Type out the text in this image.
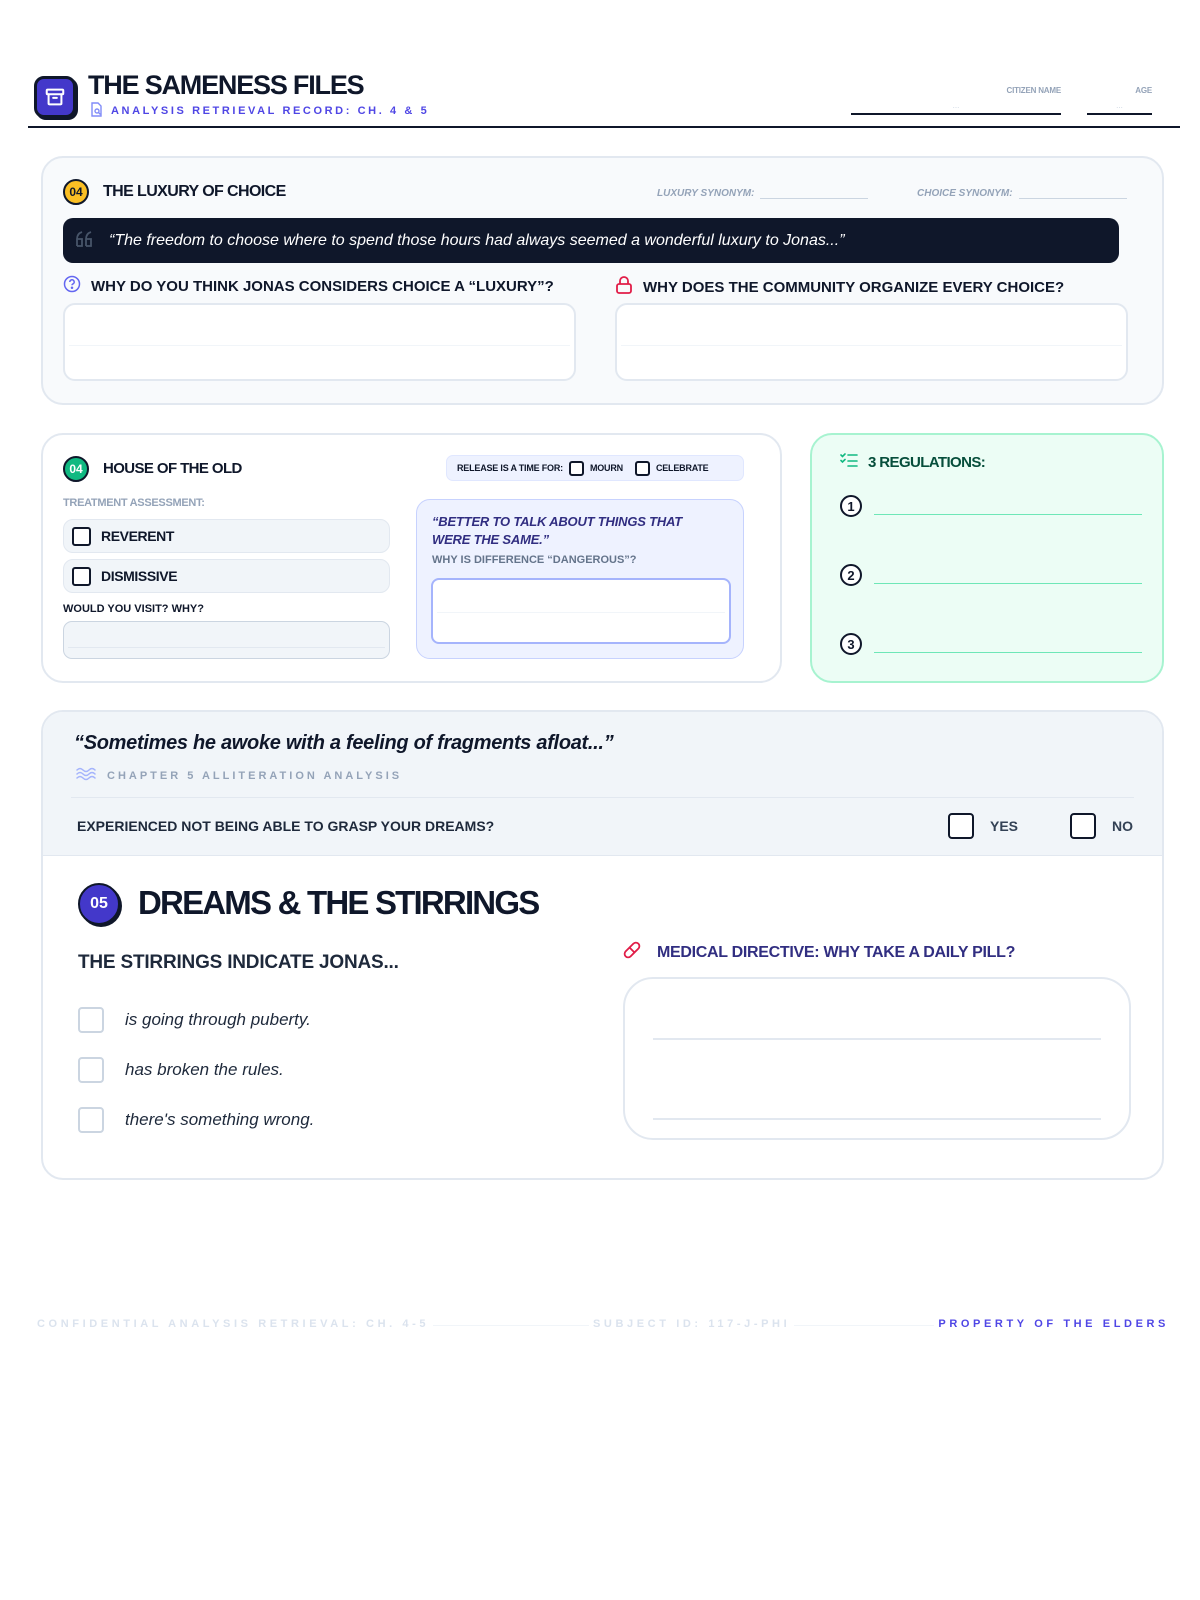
THE SAMENESS FILES
ANALYSIS RETRIEVAL RECORD: CH. 4 & 5
CITIZEN NAME
...
AGE
...
04	THE LUXURY OF CHOICE	LUXURY SYNONYM:	CHOICE SYNONYM:
“The freedom to choose where to spend those hours had always seemed a wonderful luxury to Jonas...”
WHY DO YOU THINK JONAS CONSIDERS CHOICE A “LUXURY”?	WHY DOES THE COMMUNITY ORGANIZE EVERY CHOICE?
04	HOUSE OF THE OLD	RELEASE IS A TIME FOR:	MOURN	CELEBRATE
TREATMENT ASSESSMENT:
REVERENT
DISMISSIVE
WOULD YOU VISIT? WHY?
“BETTER TO TALK ABOUT THINGS THAT WERE THE SAME.”
WHY IS DIFFERENCE “DANGEROUS”?
3 REGULATIONS:
1
2
3
“Sometimes he awoke with a feeling of fragments afloat...”
CHAPTER 5 ALLITERATION ANALYSIS
EXPERIENCED NOT BEING ABLE TO GRASP YOUR DREAMS?	YES	NO
05 DREAMS & THE STIRRINGS
THE STIRRINGS INDICATE JONAS...
is going through puberty.
has broken the rules.
there's something wrong.
MEDICAL DIRECTIVE: WHY TAKE A DAILY PILL?
CONFIDENTIAL ANALYSIS RETRIEVAL: CH. 4-5	SUBJECT ID: 117-J-PHI	PROPERTY OF THE ELDERS
